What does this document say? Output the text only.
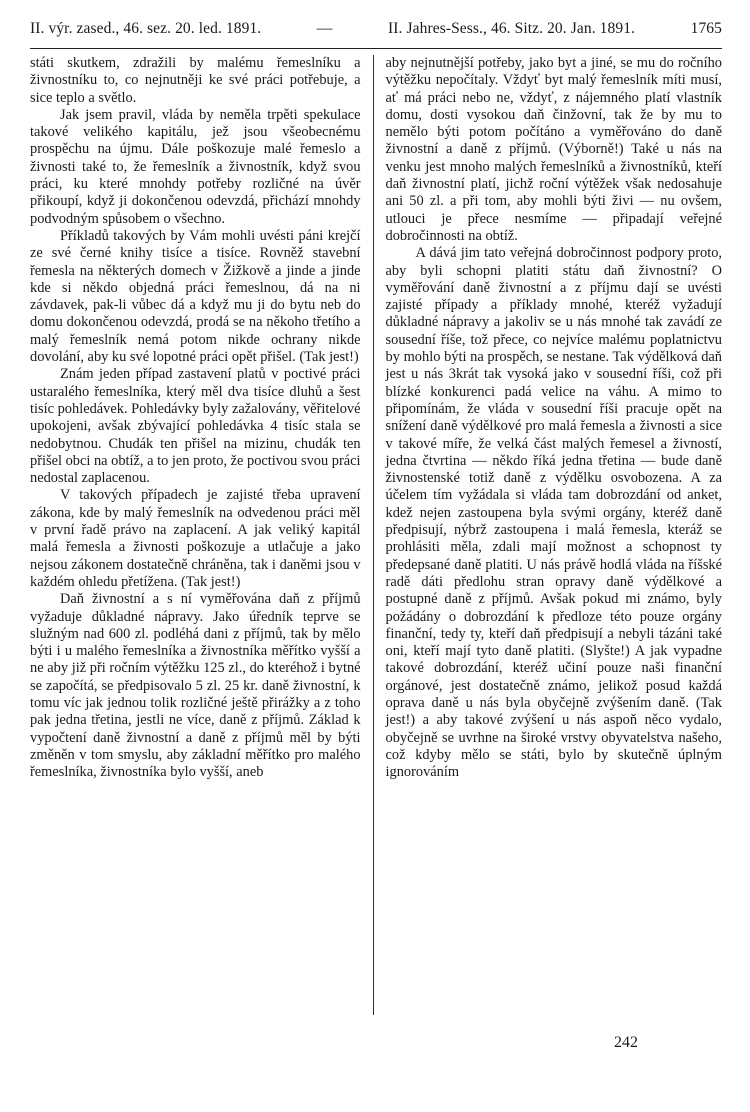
II. výr. zased., 46. sez. 20. led. 1891.	—	II. Jahres-Sess., 46. Sitz. 20. Jan. 1891.	1765

státi skutkem, zdražili by malému řemeslníku a živnostníku to, co nejnutněji ke své práci potřebuje, a sice teplo a světlo.

Jak jsem pravil, vláda by neměla trpěti spekulace takové velikého kapitálu, jež jsou všeobecnému prospěchu na újmu. Dále poškozuje malé řemeslo a živnosti také to, že řemeslník a živnostník, když svou práci, ku které mnohdy potřeby rozličné na úvěr přikoupí, když ji dokončenou odevzdá, přichází mnohdy podvodným spůsobem o všechno.

Příkladů takových by Vám mohli uvésti páni krejčí ze své černé knihy tisíce a tisíce. Rovněž stavební řemesla na některých domech v Žižkově a jinde a jinde kde si někdo objedná práci řemeslnou, dá na ni závdavek, pak-li vůbec dá a když mu ji do bytu neb do domu dokončenou odevzdá, prodá se na někoho třetího a malý řemeslník nemá potom nikde ochrany nikde dovolání, aby ku své lopotné práci opět přišel. (Tak jest!)

Znám jeden případ zastavení platů v poctivé práci ustaralého řemeslníka, který měl dva tisíce dluhů a šest tisíc pohledávek. Pohledávky byly zažalovány, věřitelové upokojeni, avšak zbývající pohledávka 4 tisíc stala se nedobytnou. Chudák ten přišel na mizinu, chudák ten přišel obci na obtíž, a to jen proto, že poctivou svou práci nedostal zaplacenou.

V takových případech je zajisté třeba upravení zákona, kde by malý řemeslník na odvedenou práci měl v první řadě právo na zaplacení. A jak veliký kapitál malá řemesla a živnosti poškozuje a utlačuje a jako nejsou zákonem dostatečně chráněna, tak i daněmi jsou v každém ohledu přetížena. (Tak jest!)

Daň živnostní a s ní vyměřována daň z příjmů vyžaduje důkladné nápravy. Jako úředník teprve se služným nad 600 zl. podléhá dani z příjmů, tak by mělo býti i u malého řemeslníka a živnostníka měřítko vyšší a ne aby již při ročním výtěžku 125 zl., do kteréhož i bytné se započítá, se předpisovalo 5 zl. 25 kr. daně živnostní, k tomu víc jak jednou tolik rozličné ještě přirážky a z toho pak jedna třetina, jestli ne více, daně z příjmů. Základ k vypočtení daně živnostní a daně z příjmů měl by býti změněn v tom smyslu, aby základní měřítko pro malého řemeslníka, živnostníka bylo vyšší, aneb

aby nejnutnější potřeby, jako byt a jiné, se mu do ročního výtěžku nepočítaly. Vždyť byt malý řemeslník míti musí, ať má práci nebo ne, vždyť, z nájemného platí vlastník domu, dosti vysokou daň činžovní, tak že by mu to nemělo býti potom počítáno a vyměřováno do daně živnostní a daně z příjmů. (Výborně!) Také u nás na venku jest mnoho malých řemeslníků a živnostníků, kteří daň živnostní platí, jichž roční výtěžek však nedosahuje ani 50 zl. a při tom, aby mohli býti živi — nu ovšem, utlouci je přece nesmíme — připadají veřejné dobročinnosti na obtíž.

A dává jim tato veřejná dobročinnost podpory proto, aby byli schopni platiti státu daň živnostní? O vyměřování daně živnostní a z příjmu dají se uvésti zajisté případy a příklady mnohé, kteréž vyžadují důkladné nápravy a jakoliv se u nás mnohé tak zavádí ze sousední říše, tož přece, co nejvíce malému poplatnictvu by mohlo býti na prospěch, se nestane. Tak výdělková daň jest u nás 3krát tak vysoká jako v sousední říši, což při blízké konkurenci padá velice na váhu. A mimo to připomínám, že vláda v sousední říši pracuje opět na snížení daně výdělkové pro malá řemesla a živnosti a sice v takové míře, že velká část malých řemesel a živností, jedna čtvrtina — někdo říká jedna třetina — bude daně živnostenské totiž daně z výdělku osvobozena. A za účelem tím vyžádala si vláda tam dobrozdání od anket, kdež nejen zastoupena byla svými orgány, kteréž daně předpisují, nýbrž zastoupena i malá řemesla, kteráž se prohlásiti měla, zdali mají možnost a schopnost ty předepsané daně platiti. U nás právě hodlá vláda na říšské radě dáti předlohu stran opravy daně výdělkové a postupné daně z příjmů. Avšak pokud mi známo, byly požádány o dobrozdání k předloze této pouze orgány finanční, tedy ty, kteří daň předpisují a nebyli tázáni také oni, kteří mají tyto daně platiti. (Slyšte!) A jak vypadne takové dobrozdání, kteréž učiní pouze naši finanční orgánové, jest dostatečně známo, jelikož posud každá oprava daně u nás byla obyčejně zvýšením daně. (Tak jest!) a aby takové zvýšení u nás aspoň něco vydalo, obyčejně se uvrhne na široké vrstvy obyvatelstva našeho, což kdyby mělo se státi, bylo by skutečně úplným ignorováním

242
